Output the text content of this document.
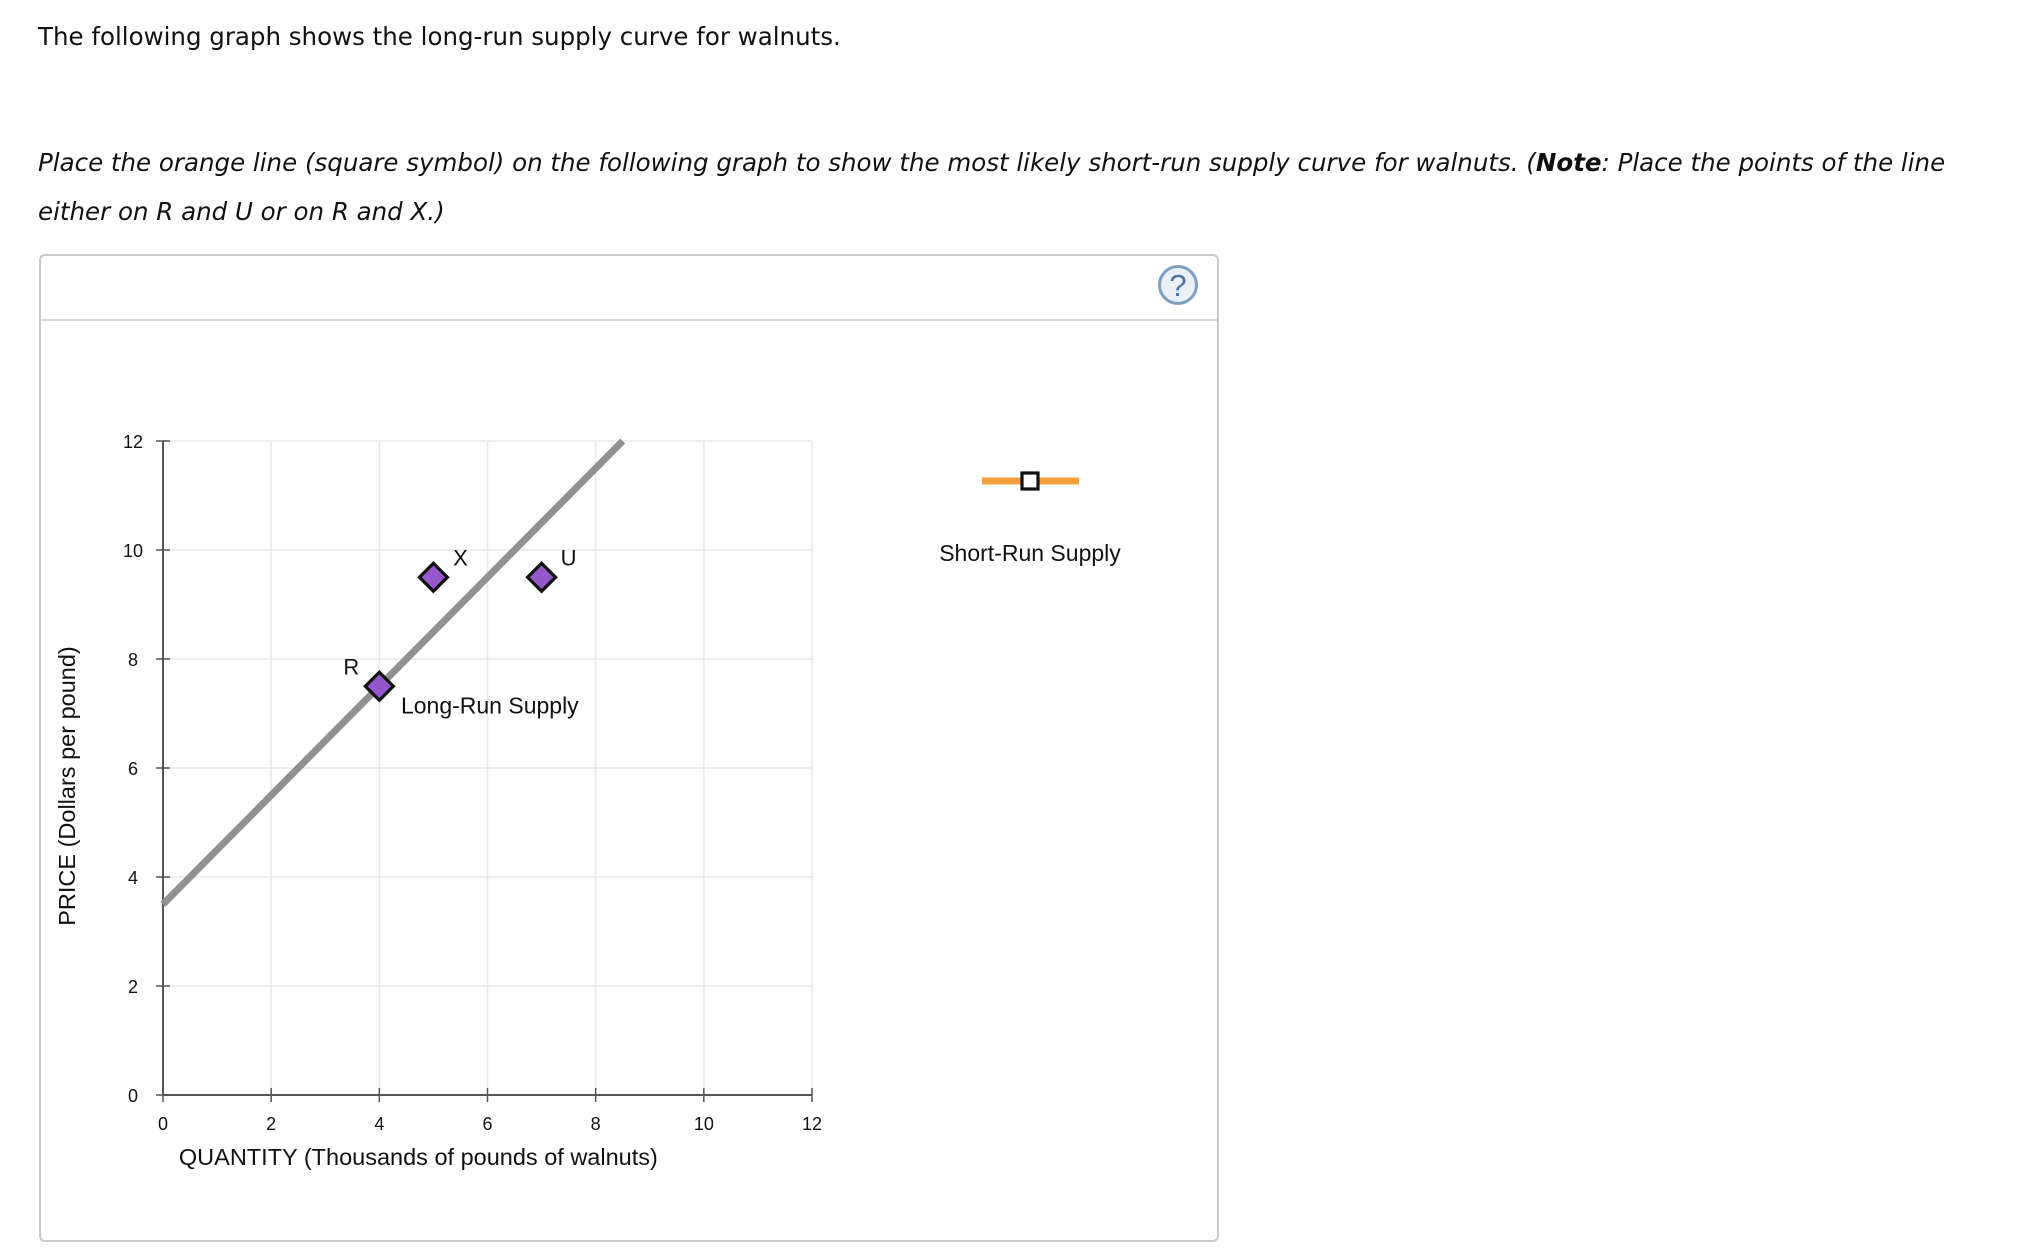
The following graph shows the long-run supply curve for walnuts.
Place the orange line (square symbol) on the following graph to show the most likely short-run supply curve for walnuts. (Note: Place the points of the line either on R and U or on R and X.)
?
0
2
4
6
8
10
12
0	2	4	6	8	10	12
Long-Run Supply
R
X	U
PRICE (Dollars per pound)
QUANTITY (Thousands of pounds of walnuts)
Short-Run Supply
